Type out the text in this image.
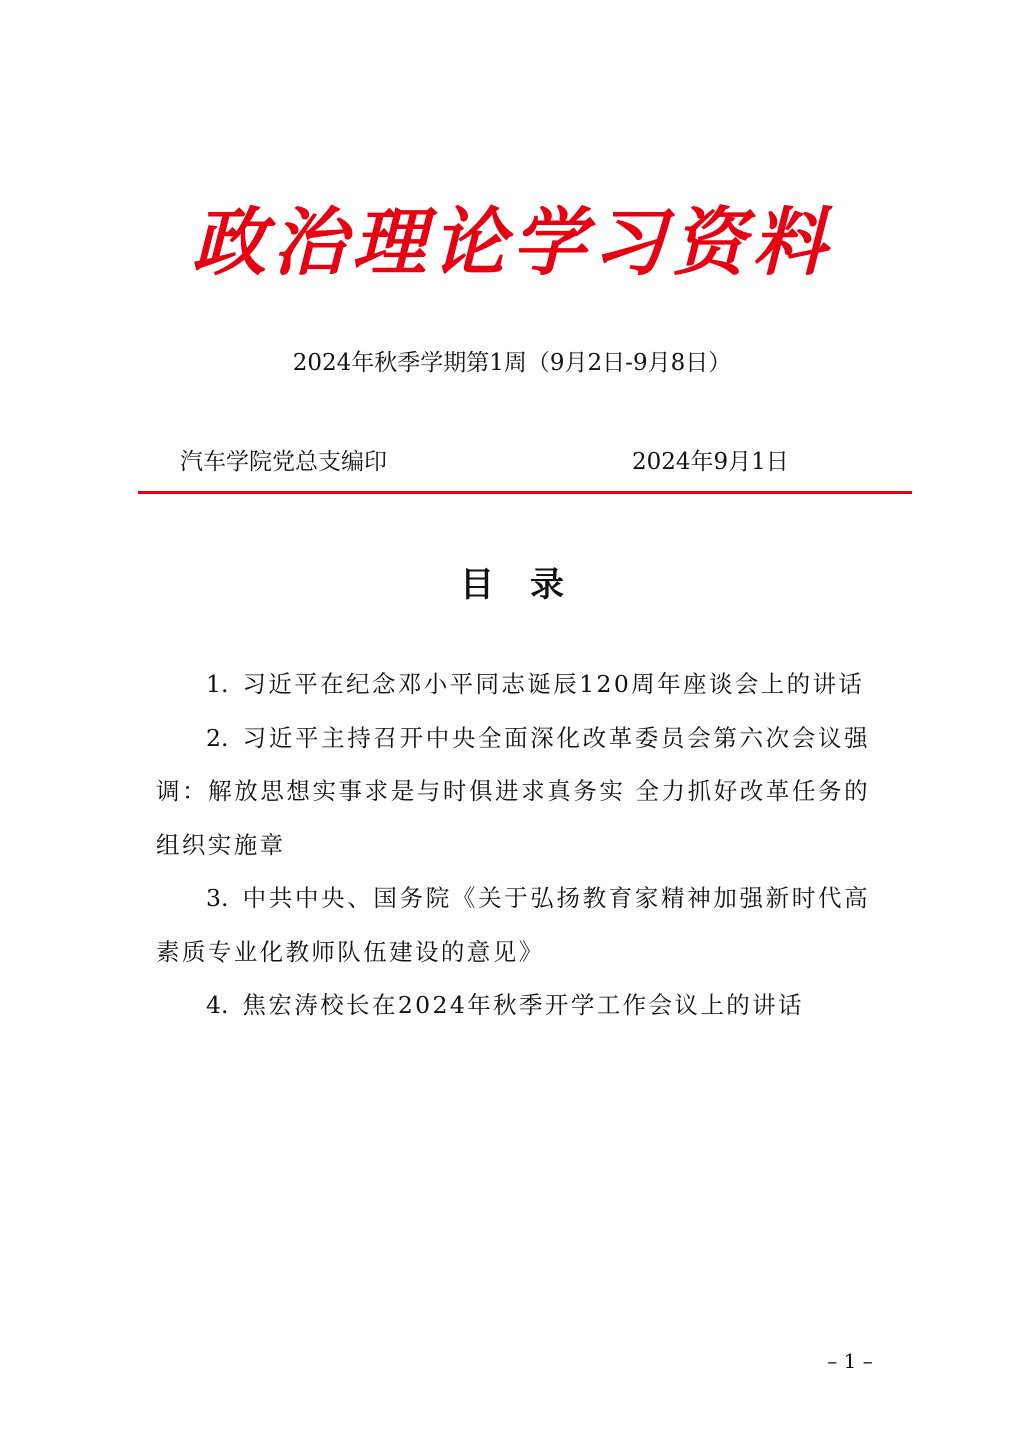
政治理论学习资料
2024年秋季学期第1周（9月2日-9月8日）
汽车学院党总支编印	2024年9月1日
目录
1. 习近平在纪念邓小平同志诞辰120周年座谈会上的讲话
2. 习近平主持召开中央全面深化改革委员会第六次会议强调：解放思想实事求是与时俱进求真务实 全力抓好改革任务的组织实施章
3. 中共中央、国务院《关于弘扬教育家精神加强新时代高素质专业化教师队伍建设的意见》
4. 焦宏涛校长在2024年秋季开学工作会议上的讲话
– 1 –
